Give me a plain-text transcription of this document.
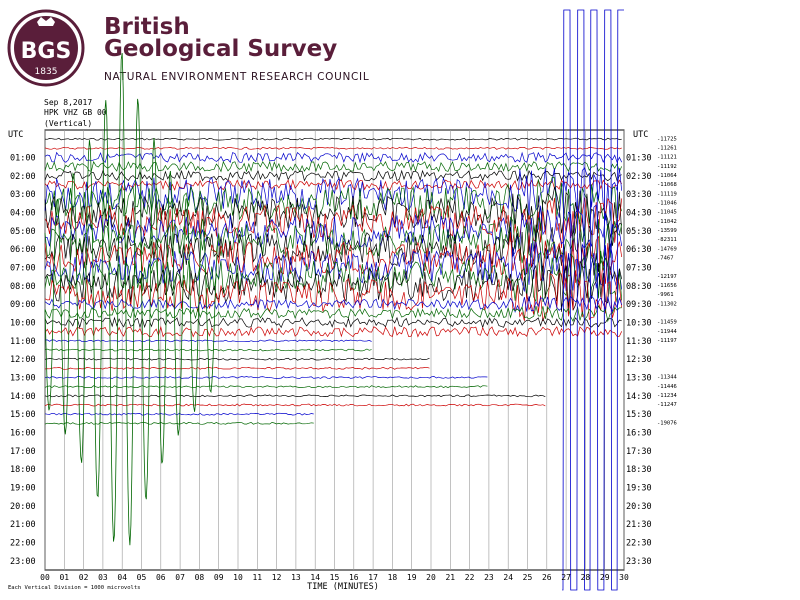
BGS
1835
British
Geological Survey
NATURAL ENVIRONMENT RESEARCH COUNCIL
Sep 8,2017
HPK VHZ GB 00
(Vertical)
01:00
02:00
03:00
04:00
05:00
06:00
07:00
08:00
09:00
10:00
11:00
12:00
13:00
14:00
15:00
16:00
17:00
18:00
19:00
20:00
21:00
22:00
23:00
01:30
02:30
03:30
04:30
05:30
06:30
07:30
08:30
09:30
10:30
11:30
12:30
13:30
14:30
15:30
16:30
17:30
18:30
19:30
20:30
21:30
22:30
23:30
-11725
-11261
-11121
-11192
-11064
-11068
-11119
-11046
-11045
-11042
-13599
-82311
-14769
-7467
-12197
-11656
-9961
-11302
-11459
-11944
-11197
-11344
-11446
-11234
-11247
-19076
00 01 02 03 04 05 06 07 08 09 10 11 12 13 14 15 16 17 18 19 20 21 22 23 24 25 26 27 28 29 30
TIME (MINUTES)
UTC	UTC
Each Vertical Division = 1000 microvolts
